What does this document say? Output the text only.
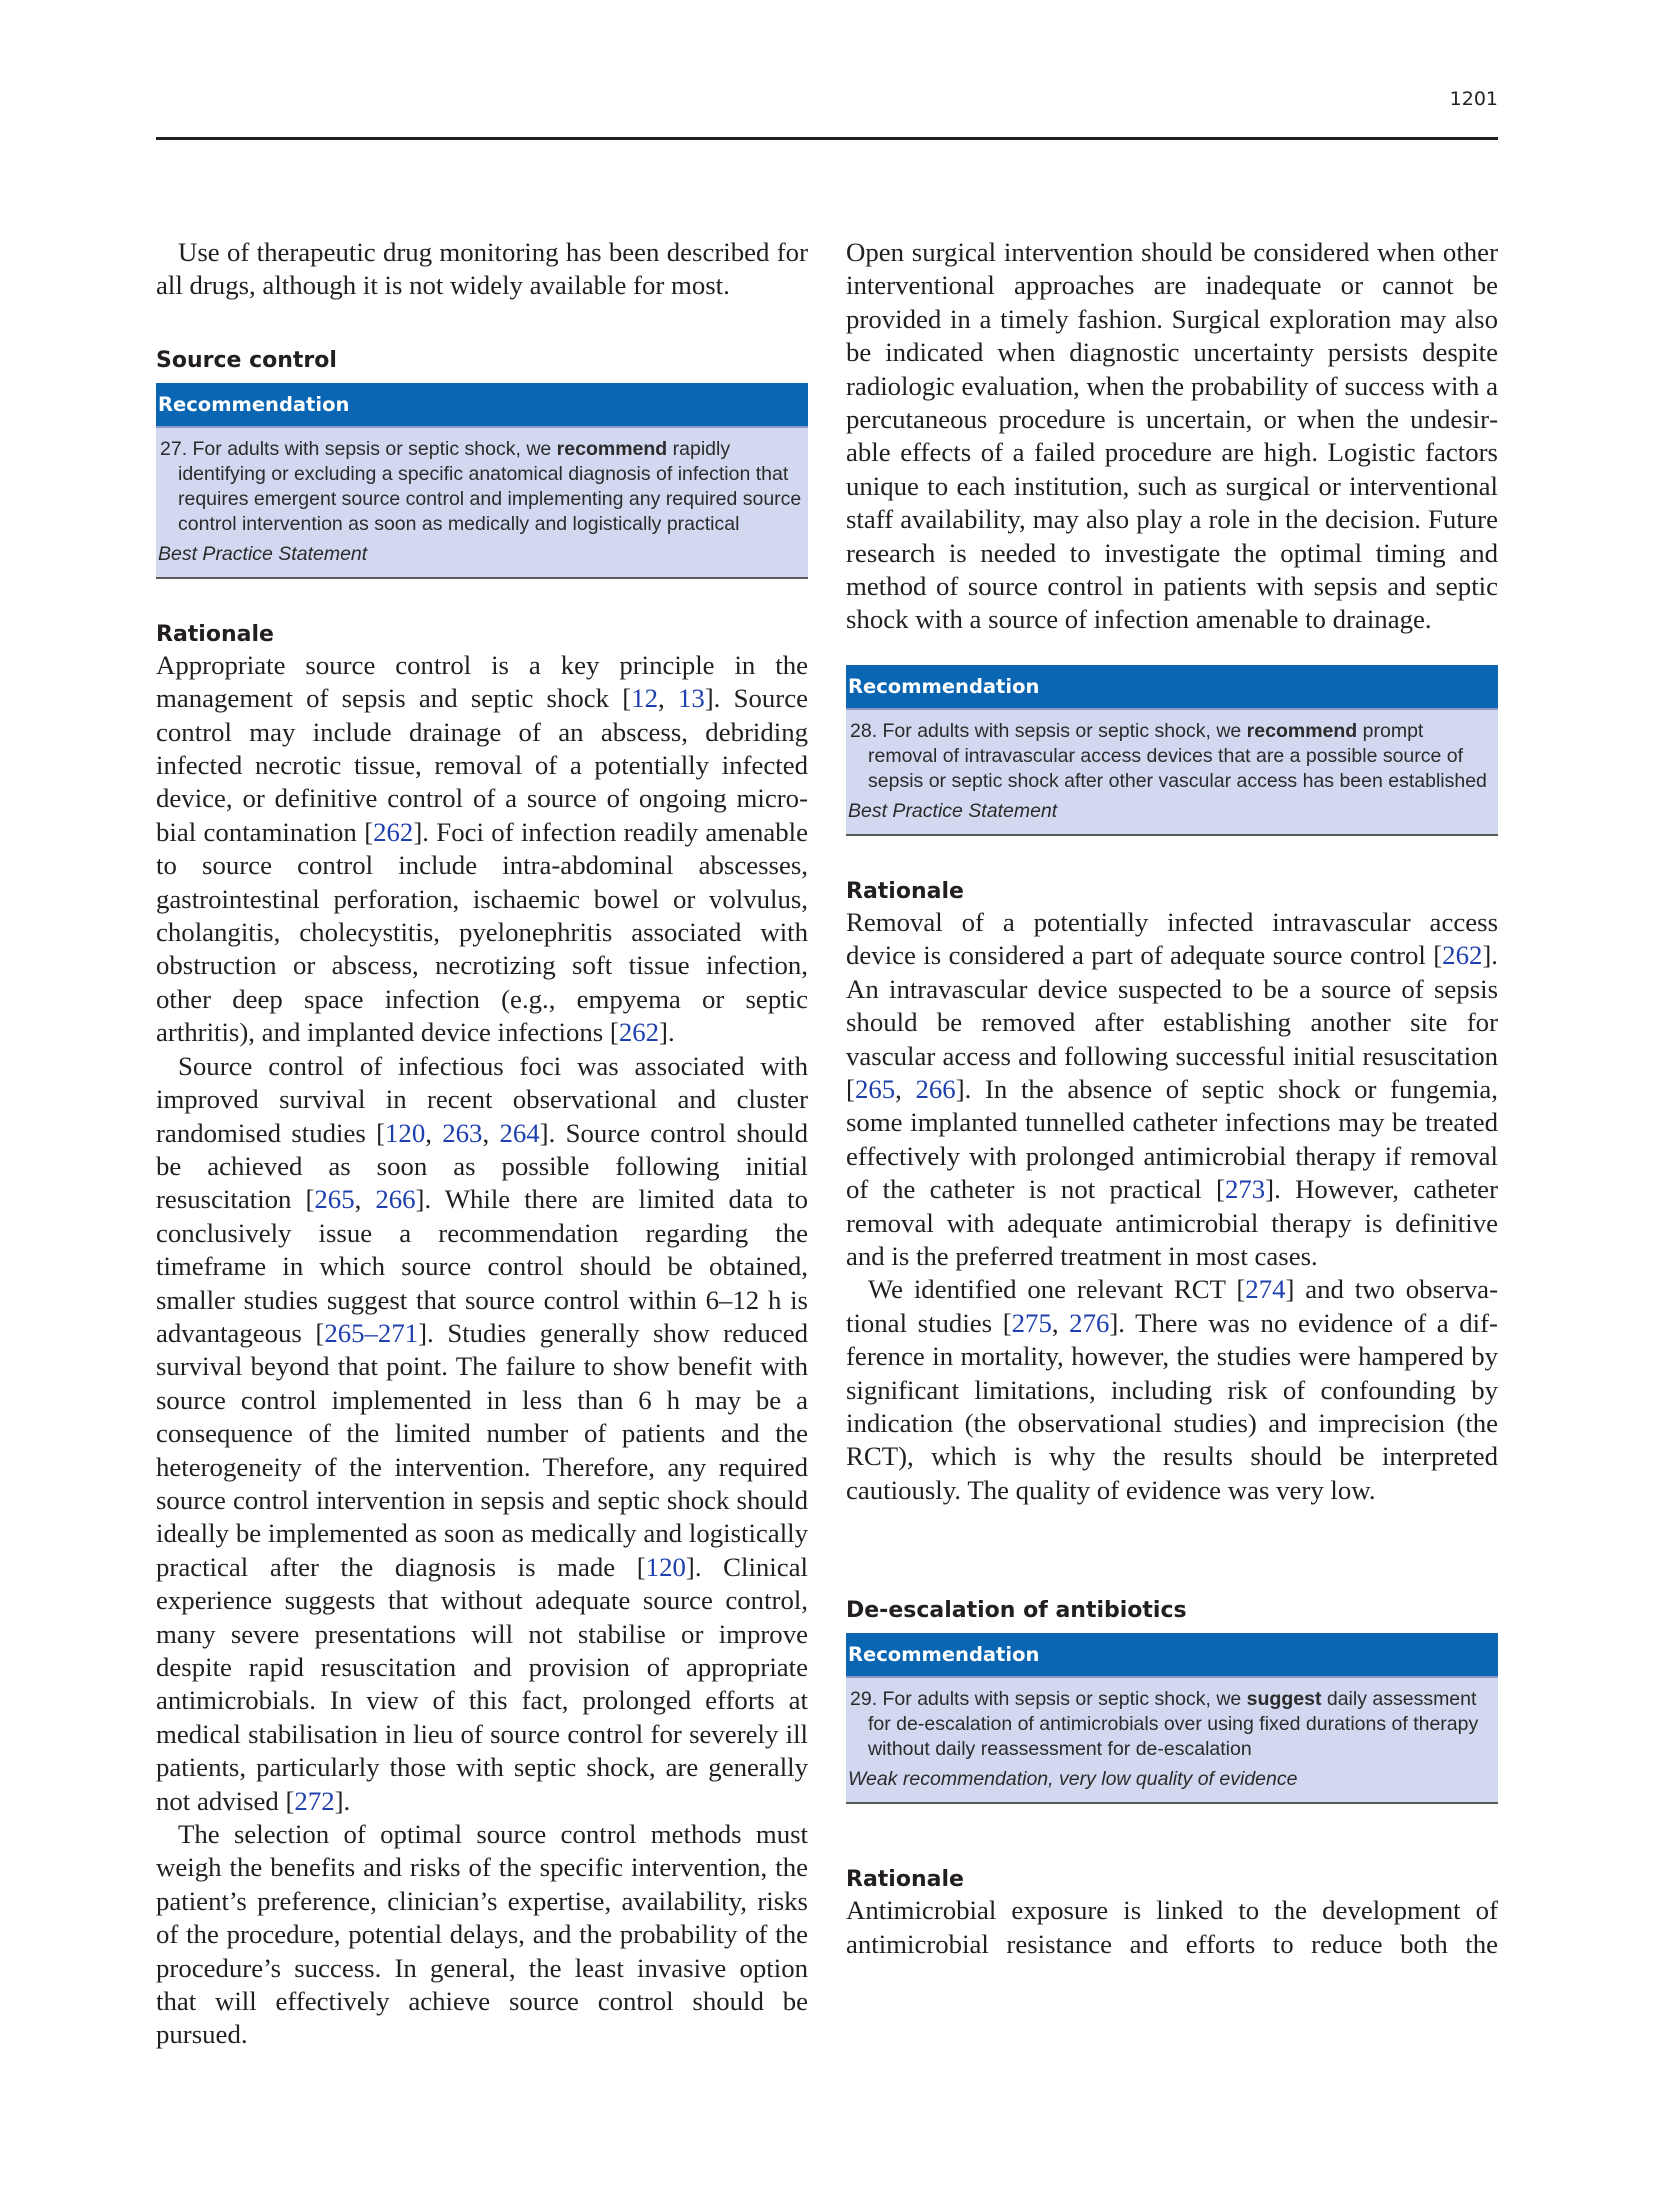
1201

Use of therapeutic drug monitoring has been described for all drugs, although it is not widely available for most.

Source control
Recommendation

27. For adults with sepsis or septic shock, we recommend rapidly identifying or excluding a specific anatomical diagnosis of infection that requires emergent source control and implementing any required source control intervention as soon as medically and logistically practical

Best Practice Statement
Rationale

Appropriate source control is a key principle in the management of sepsis and septic shock [12, 13]. Source control may include drainage of an abscess, debriding infected necrotic tissue, removal of a potentially infected device, or definitive control of a source of ongoing microbial contamination [262]. Foci of infection readily amenable to source control include intra-abdominal abscesses, gastrointestinal perforation, ischaemic bowel or volvulus, cholangitis, cholecystitis, pyelonephritis associated with obstruction or abscess, necrotizing soft tissue infection, other deep space infection (e.g., empyema or septic arthritis), and implanted device infections [262].

Source control of infectious foci was associated with improved survival in recent observational and cluster randomised studies [120, 263, 264]. Source control should be achieved as soon as possible following initial resuscitation [265, 266]. While there are limited data to conclusively issue a recommendation regarding the timeframe in which source control should be obtained, smaller studies suggest that source control within 6–12 h is advantageous [265–271]. Studies generally show reduced survival beyond that point. The failure to show benefit with source control implemented in less than 6 h may be a consequence of the limited number of patients and the heterogeneity of the intervention. Therefore, any required source control intervention in sepsis and septic shock should ideally be implemented as soon as medically and logistically practical after the diagnosis is made [120]. Clinical experience suggests that without adequate source control, many severe presentations will not stabilise or improve despite rapid resuscitation and provision of appropriate antimicrobials. In view of this fact, prolonged efforts at medical stabilisation in lieu of source control for severely ill patients, particularly those with septic shock, are generally not advised [272].

The selection of optimal source control methods must weigh the benefits and risks of the specific intervention, the patient’s preference, clinician’s expertise, availability, risks of the procedure, potential delays, and the probability of the procedure’s success. In general, the least invasive option that will effectively achieve source control should be pursued.

Open surgical intervention should be considered when other interventional approaches are inadequate or cannot be provided in a timely fashion. Surgical exploration may also be indicated when diagnostic uncertainty persists despite radiologic evaluation, when the probability of success with a percutaneous procedure is uncertain, or when the undesirable effects of a failed procedure are high. Logistic factors unique to each institution, such as surgical or interventional staff availability, may also play a role in the decision. Future research is needed to investigate the optimal timing and method of source control in patients with sepsis and septic shock with a source of infection amenable to drainage.

Recommendation

28. For adults with sepsis or septic shock, we recommend prompt removal of intravascular access devices that are a possible source of sepsis or septic shock after other vascular access has been established

Best Practice Statement
Rationale

Removal of a potentially infected intravascular access device is considered a part of adequate source control [262]. An intravascular device suspected to be a source of sepsis should be removed after establishing another site for vascular access and following successful initial resuscitation [265, 266]. In the absence of septic shock or fungemia, some implanted tunnelled catheter infections may be treated effectively with prolonged antimicrobial therapy if removal of the catheter is not practical [273]. However, catheter removal with adequate antimicrobial therapy is definitive and is the preferred treatment in most cases.

We identified one relevant RCT [274] and two observational studies [275, 276]. There was no evidence of a difference in mortality, however, the studies were hampered by significant limitations, including risk of confounding by indication (the observational studies) and imprecision (the RCT), which is why the results should be interpreted cautiously. The quality of evidence was very low.

De-escalation of antibiotics
Recommendation

29. For adults with sepsis or septic shock, we suggest daily assessment for de-escalation of antimicrobials over using fixed durations of therapy without daily reassessment for de-escalation

Weak recommendation, very low quality of evidence
Rationale

Antimicrobial exposure is linked to the development of antimicrobial resistance and efforts to reduce both the
